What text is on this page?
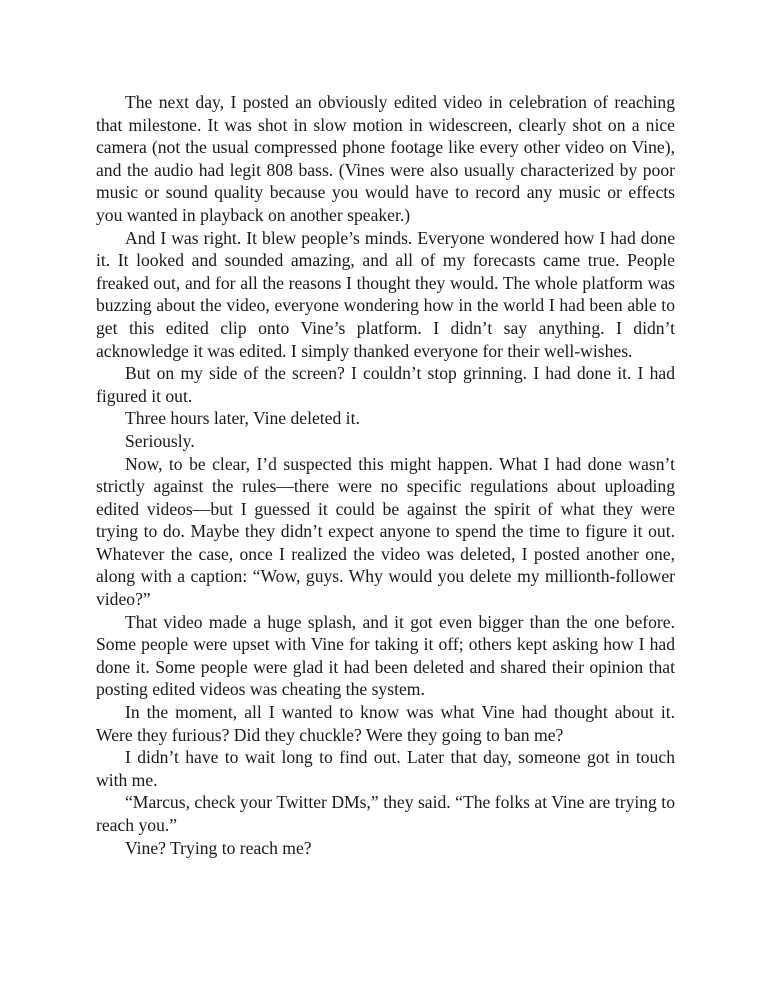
The next day, I posted an obviously edited video in celebration of reaching that milestone. It was shot in slow motion in widescreen, clearly shot on a nice camera (not the usual compressed phone footage like every other video on Vine), and the audio had legit 808 bass. (Vines were also usually characterized by poor music or sound quality because you would have to record any music or effects you wanted in playback on another speaker.)

And I was right. It blew people’s minds. Everyone wondered how I had done it. It looked and sounded amazing, and all of my forecasts came true. People freaked out, and for all the reasons I thought they would. The whole platform was buzzing about the video, everyone wondering how in the world I had been able to get this edited clip onto Vine’s platform. I didn’t say anything. I didn’t acknowledge it was edited. I simply thanked everyone for their well-wishes.

But on my side of the screen? I couldn’t stop grinning. I had done it. I had figured it out.

Three hours later, Vine deleted it.

Seriously.

Now, to be clear, I’d suspected this might happen. What I had done wasn’t strictly against the rules—there were no specific regulations about uploading edited videos—but I guessed it could be against the spirit of what they were trying to do. Maybe they didn’t expect anyone to spend the time to figure it out. Whatever the case, once I realized the video was deleted, I posted another one, along with a caption: “Wow, guys. Why would you delete my millionth-follower video?”

That video made a huge splash, and it got even bigger than the one before. Some people were upset with Vine for taking it off; others kept asking how I had done it. Some people were glad it had been deleted and shared their opinion that posting edited videos was cheating the system.

In the moment, all I wanted to know was what Vine had thought about it. Were they furious? Did they chuckle? Were they going to ban me?

I didn’t have to wait long to find out. Later that day, someone got in touch with me.

“Marcus, check your Twitter DMs,” they said. “The folks at Vine are trying to reach you.”

Vine? Trying to reach me?
